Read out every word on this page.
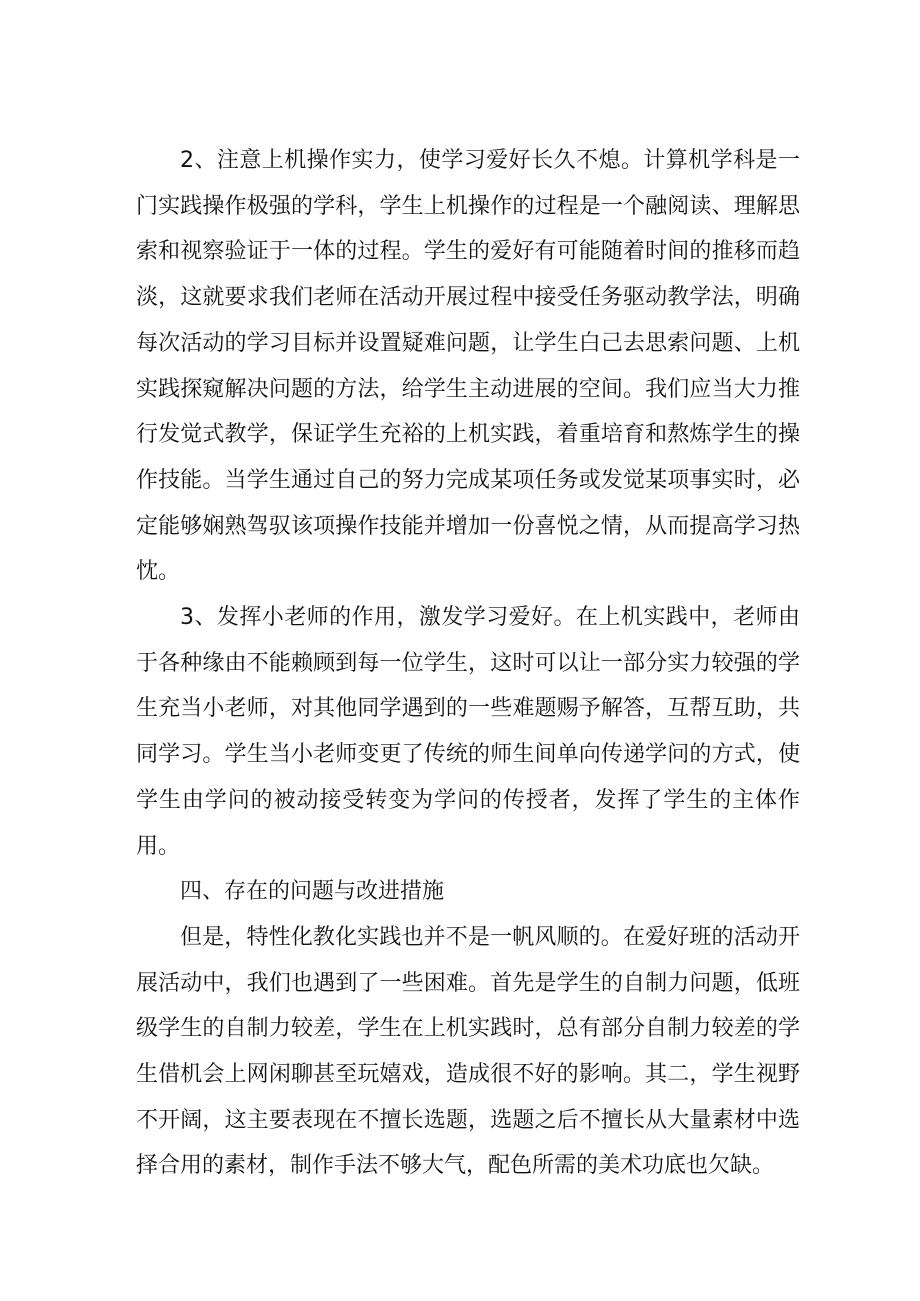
2、注意上机操作实力，使学习爱好长久不熄。计算机学科是一门实践操作极强的学科，学生上机操作的过程是一个融阅读、理解思索和视察验证于一体的过程。学生的爱好有可能随着时间的推移而趋淡，这就要求我们老师在活动开展过程中接受任务驱动教学法，明确每次活动的学习目标并设置疑难问题，让学生白己去思索问题、上机实践探窥解决问题的方法，给学生主动进展的空间。我们应当大力推行发觉式教学，保证学生充裕的上机实践，着重培育和熬炼学生的操作技能。当学生通过自己的努力完成某项任务或发觉某项事实时，必定能够娴熟驾驭该项操作技能并增加一份喜悦之情，从而提高学习热忱。

3、发挥小老师的作用，激发学习爱好。在上机实践中，老师由于各种缘由不能赖顾到每一位学生，这时可以让一部分实力较强的学生充当小老师，对其他同学遇到的一些难题赐予解答，互帮互助，共同学习。学生当小老师变更了传统的师生间单向传递学问的方式，使学生由学问的被动接受转变为学问的传授者，发挥了学生的主体作用。

四、存在的问题与改进措施

但是，特性化教化实践也并不是一帆风顺的。在爱好班的活动开展活动中，我们也遇到了一些困难。首先是学生的自制力问题，低班级学生的自制力较差，学生在上机实践时，总有部分自制力较差的学生借机会上网闲聊甚至玩嬉戏，造成很不好的影响。其二，学生视野不开阔，这主要表现在不擅长选题，选题之后不擅长从大量素材中选择合用的素材，制作手法不够大气，配色所需的美术功底也欠缺。
